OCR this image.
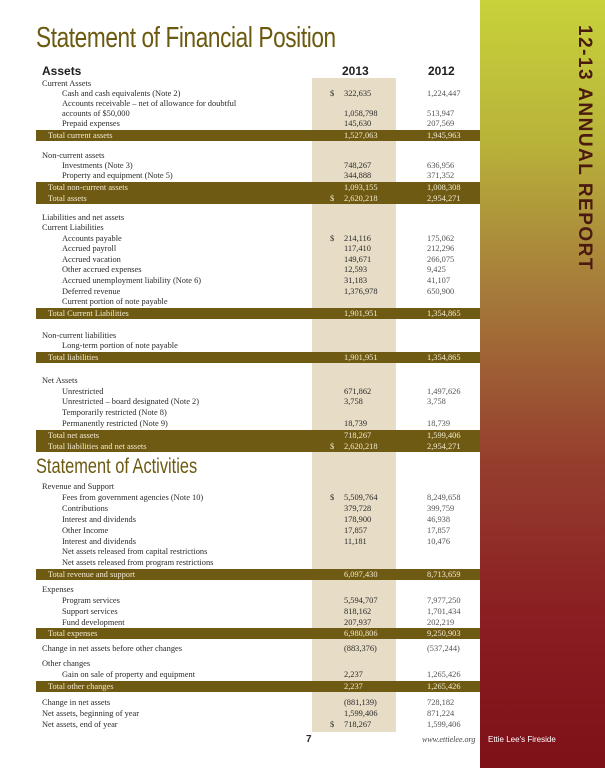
12-13 ANNUAL REPORT
Statement of Financial Position
Assets	2013	2012
Statement of Activities
Current Assets
Cash and cash equivalents (Note 2)	$ 322,635	1,224,447
Accounts receivable – net of allowance for doubtful
accounts of $50,000	1,058,798	513,947
Prepaid expenses	145,630	207,569
Total current assets	1,527,063	1,945,963
Non-current assets
Investments (Note 3)	748,267	636,956
Property and equipment (Note 5)	344,888	371,352
Total non-current assets	1,093,155	1,008,308
Total assets	$ 2,620,218	2,954,271
Liabilities and net assets
Current Liabilities
Accounts payable	$ 214,116	175,062
Accrued payroll	117,410	212,296
Accrued vacation	149,671	266,075
Other accrued expenses	12,593	9,425
Accrued unemployment liability (Note 6)	31,183	41,107
Deferred revenue	1,376,978	650,900
Current portion of note payable
Total Current Liabilities	1,901,951	1,354,865
Non-current liabilities
Long-term portion of note payable
Total liabilities	1,901,951	1,354,865
Net Assets
Unrestricted	671,862	1,497,626
Unrestricted – board designated (Note 2)	3,758	3,758
Temporarily restricted (Note 8)
Permanently restricted (Note 9)	18,739	18,739
Total net assets	718,267	1,599,406
Total liabilities and net assets	$ 2,620,218	2,954,271
Revenue and Support
Fees from government agencies (Note 10)	$ 5,509,764	8,249,658
Contributions	379,728	399,759
Interest and dividends	178,900	46,938
Other Income	17,857	17,857
Interest and dividends	11,181	10,476
Net assets released from capital restrictions
Net assets released from program restrictions
Total revenue and support	6,097,430	8,713,659
Expenses
Program services	5,594,707	7,977,250
Support services	818,162	1,701,434
Fund development	207,937	202,219
Total expenses	6,980,806	9,250,903
Change in net assets before other changes	(883,376)	(537,244)
Other changes
Gain on sale of property and equipment	2,237	1,265,426
Total other changes	2,237	1,265,426
Change in net assets	(881,139)	728,182
Net assets, beginning of year	1,599,406	871,224
Net assets, end of year	$ 718,267	1,599,406
7	www.ettielee.org Ettie Lee's Fireside
